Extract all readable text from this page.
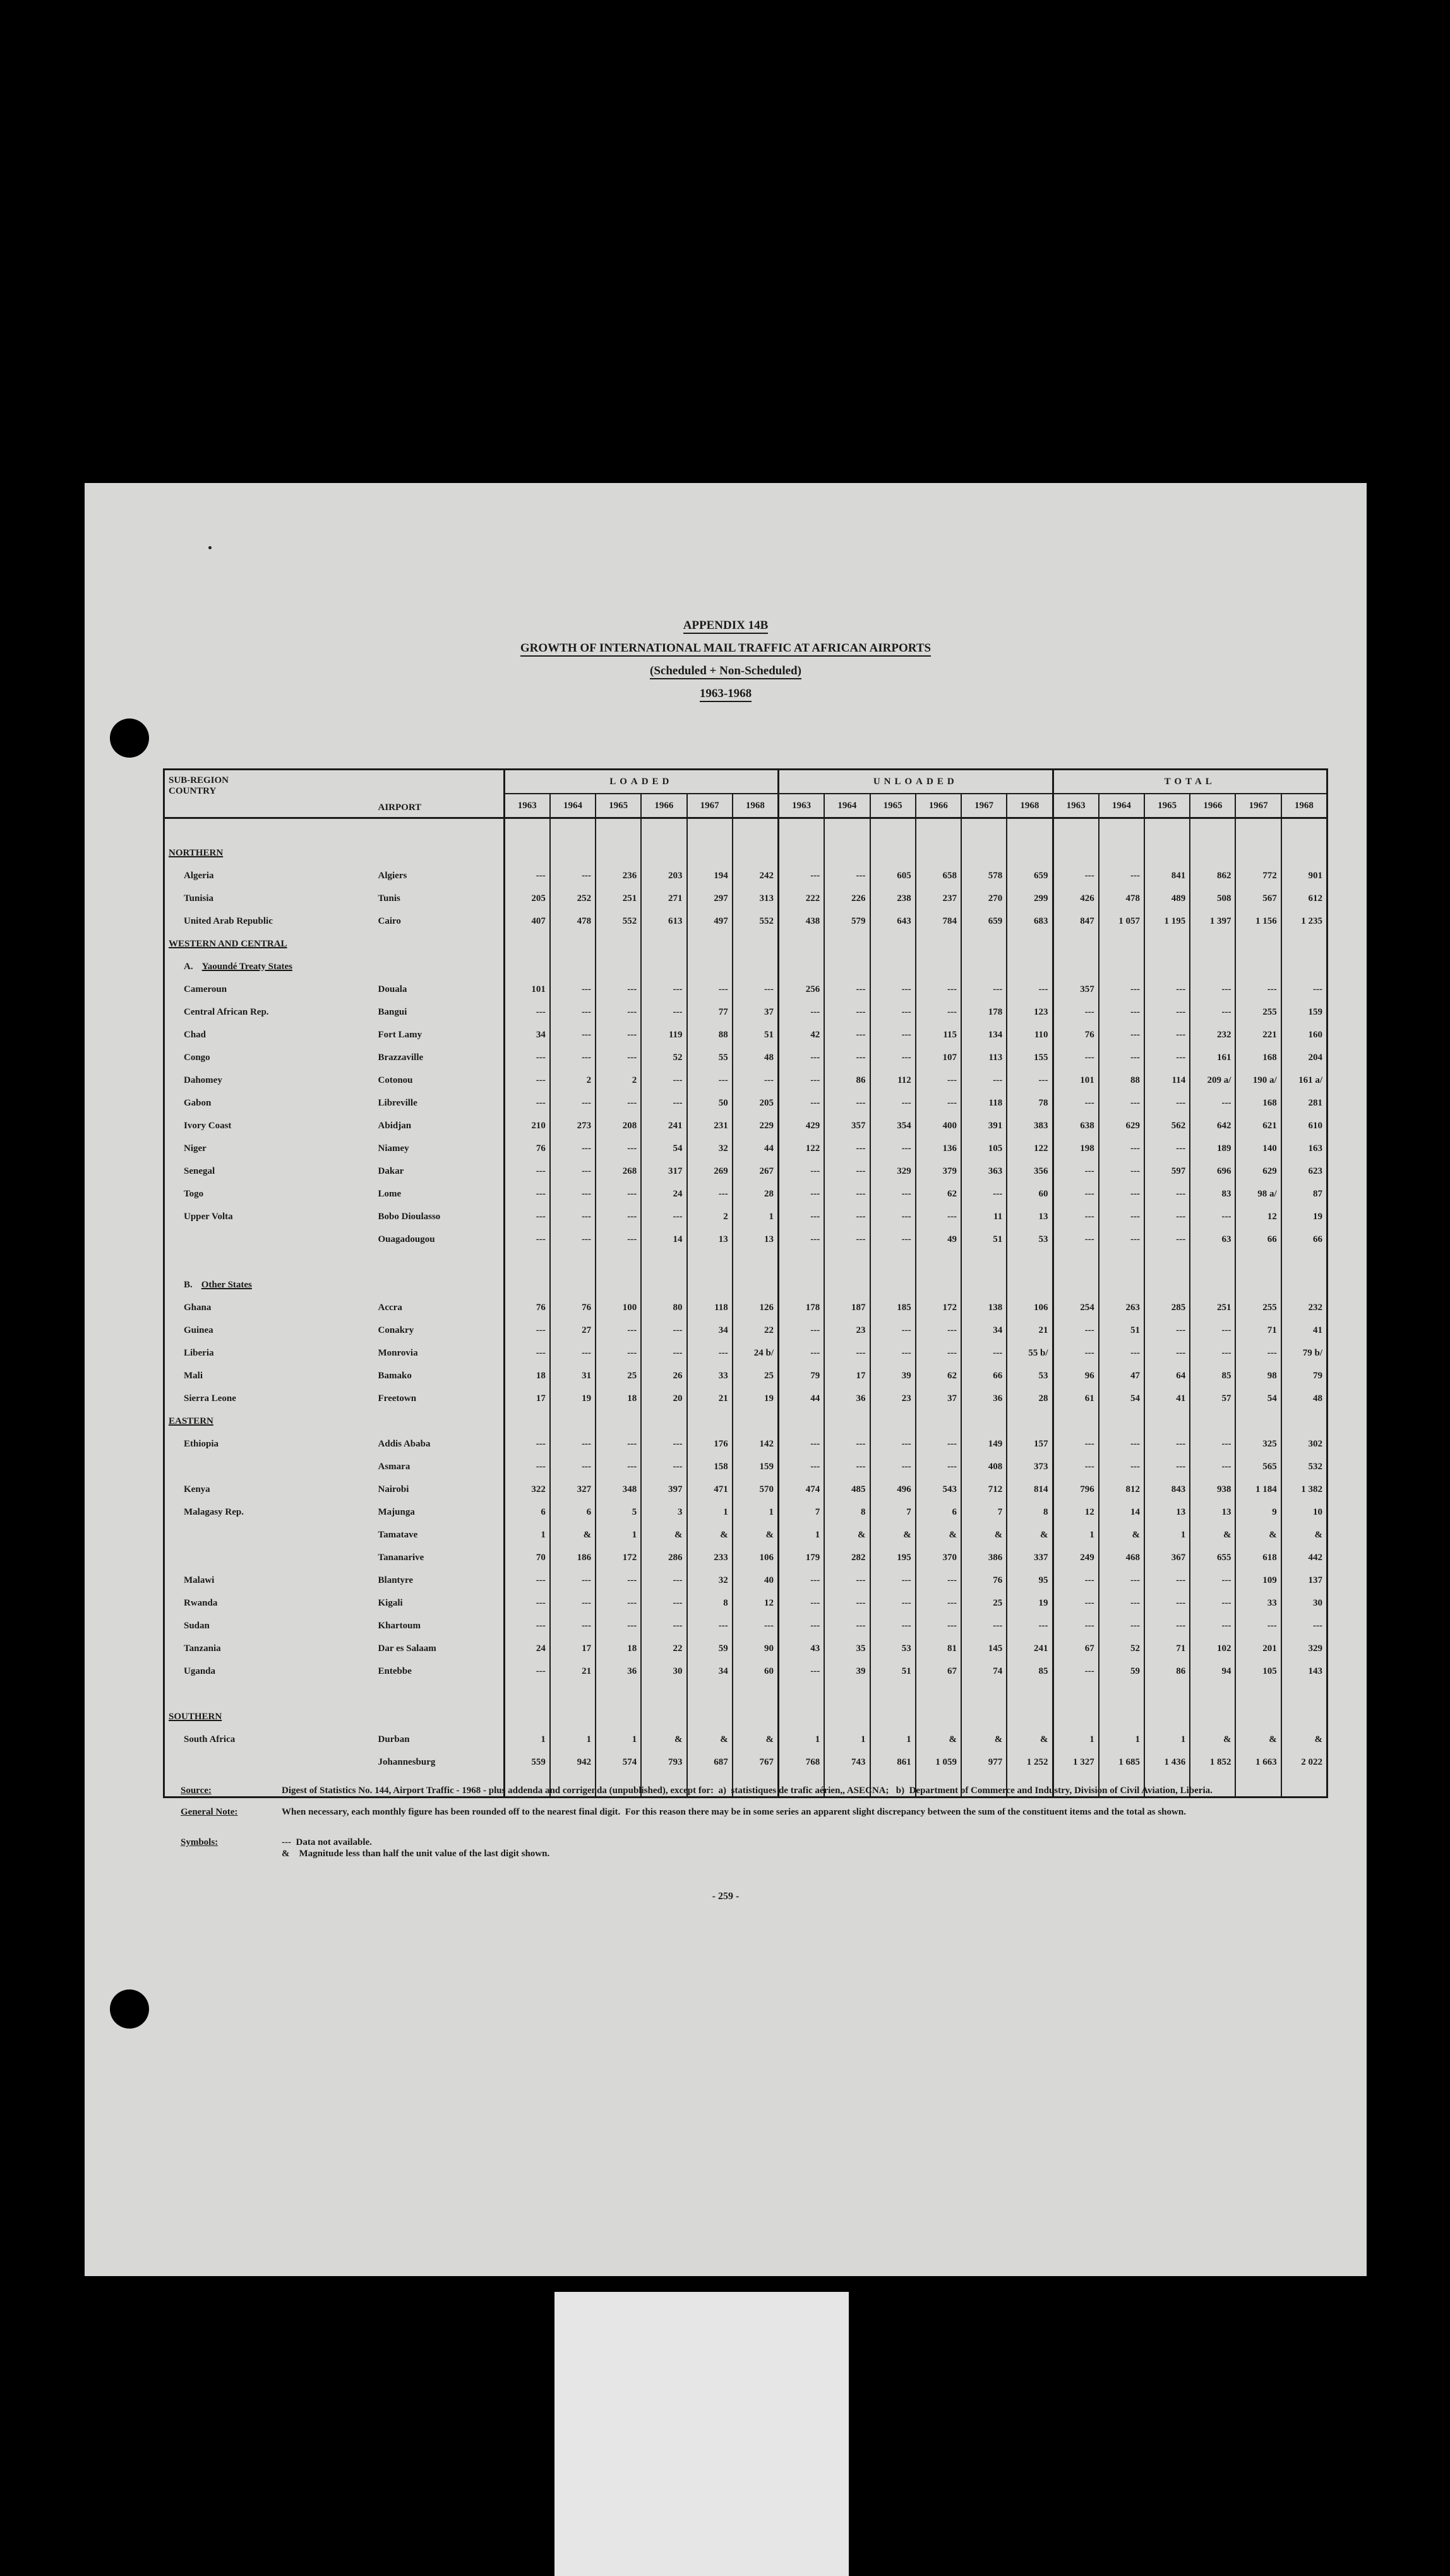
APPENDIX 14B
GROWTH OF INTERNATIONAL MAIL TRAFFIC AT AFRICAN AIRPORTS
(Scheduled + Non-Scheduled)
1963-1968
SUB-REGION
COUNTRY	AIRPORT	LOADED						UNLOADED						TOTAL					
		1963	1964	1965	1966	1967	1968	1963	1964	1965	1966	1967	1968	1963	1964	1965	1966	1967	1968

NORTHERN																			
Algeria	Algiers	---	---	236	203	194	242	---	---	605	658	578	659	---	---	841	862	772	901
Tunisia	Tunis	205	252	251	271	297	313	222	226	238	237	270	299	426	478	489	508	567	612
United Arab Republic	Cairo	407	478	552	613	497	552	438	579	643	784	659	683	847	1 057	1 195	1 397	1 156	1 235
WESTERN AND CENTRAL																			
A. Yaoundé Treaty States																			
Cameroun	Douala	101	---	---	---	---	---	256	---	---	---	---	---	357	---	---	---	---	---
Central African Rep.	Bangui	---	---	---	---	77	37	---	---	---	---	178	123	---	---	---	---	255	159
Chad	Fort Lamy	34	---	---	119	88	51	42	---	---	115	134	110	76	---	---	232	221	160
Congo	Brazzaville	---	---	---	52	55	48	---	---	---	107	113	155	---	---	---	161	168	204
Dahomey	Cotonou	---	2	2	---	---	---	---	86	112	---	---	---	101	88	114	209 a/	190 a/	161 a/
Gabon	Libreville	---	---	---	---	50	205	---	---	---	---	118	78	---	---	---	---	168	281
Ivory Coast	Abidjan	210	273	208	241	231	229	429	357	354	400	391	383	638	629	562	642	621	610
Niger	Niamey	76	---	---	54	32	44	122	---	---	136	105	122	198	---	---	189	140	163
Senegal	Dakar	---	---	268	317	269	267	---	---	329	379	363	356	---	---	597	696	629	623
Togo	Lome	---	---	---	24	---	28	---	---	---	62	---	60	---	---	---	83	98 a/	87
Upper Volta	Bobo Dioulasso	---	---	---	---	2	1	---	---	---	---	11	13	---	---	---	---	12	19
	Ouagadougou	---	---	---	14	13	13	---	---	---	49	51	53	---	---	---	63	66	66

B. Other States																			
Ghana	Accra	76	76	100	80	118	126	178	187	185	172	138	106	254	263	285	251	255	232
Guinea	Conakry	---	27	---	---	34	22	---	23	---	---	34	21	---	51	---	---	71	41
Liberia	Monrovia	---	---	---	---	---	24 b/	---	---	---	---	---	55 b/	---	---	---	---	---	79 b/
Mali	Bamako	18	31	25	26	33	25	79	17	39	62	66	53	96	47	64	85	98	79
Sierra Leone	Freetown	17	19	18	20	21	19	44	36	23	37	36	28	61	54	41	57	54	48
EASTERN																			
Ethiopia	Addis Ababa	---	---	---	---	176	142	---	---	---	---	149	157	---	---	---	---	325	302
	Asmara	---	---	---	---	158	159	---	---	---	---	408	373	---	---	---	---	565	532
Kenya	Nairobi	322	327	348	397	471	570	474	485	496	543	712	814	796	812	843	938	1 184	1 382
Malagasy Rep.	Majunga	6	6	5	3	1	1	7	8	7	6	7	8	12	14	13	13	9	10
	Tamatave	1	&	1	&	&	&	1	&	&	&	&	&	1	&	1	&	&	&
	Tananarive	70	186	172	286	233	106	179	282	195	370	386	337	249	468	367	655	618	442
Malawi	Blantyre	---	---	---	---	32	40	---	---	---	---	76	95	---	---	---	---	109	137
Rwanda	Kigali	---	---	---	---	8	12	---	---	---	---	25	19	---	---	---	---	33	30
Sudan	Khartoum	---	---	---	---	---	---	---	---	---	---	---	---	---	---	---	---	---	---
Tanzania	Dar es Salaam	24	17	18	22	59	90	43	35	53	81	145	241	67	52	71	102	201	329
Uganda	Entebbe	---	21	36	30	34	60	---	39	51	67	74	85	---	59	86	94	105	143

SOUTHERN																			
South Africa	Durban	1	1	1	&	&	&	1	1	1	&	&	&	1	1	1	&	&	&
	Johannesburg	559	942	574	793	687	767	768	743	861	1 059	977	1 252	1 327	1 685	1 436	1 852	1 663	2 022

Source:	Digest of Statistics No. 144, Airport Traffic - 1968 - plus addenda and corrigenda (unpublished), except for:  a)  statistiques de trafic aérien,, ASECNA;   b)  Department of Commerce and Industry, Division of Civil Aviation, Liberia.
General Note:	When necessary, each monthly figure has been rounded off to the nearest final digit.  For this reason there may be in some series an apparent slight discrepancy between the sum of the constituent items and the total as shown.
Symbols:	---  Data not available.
&    Magnitude less than half the unit value of the last digit shown.
- 259 -
